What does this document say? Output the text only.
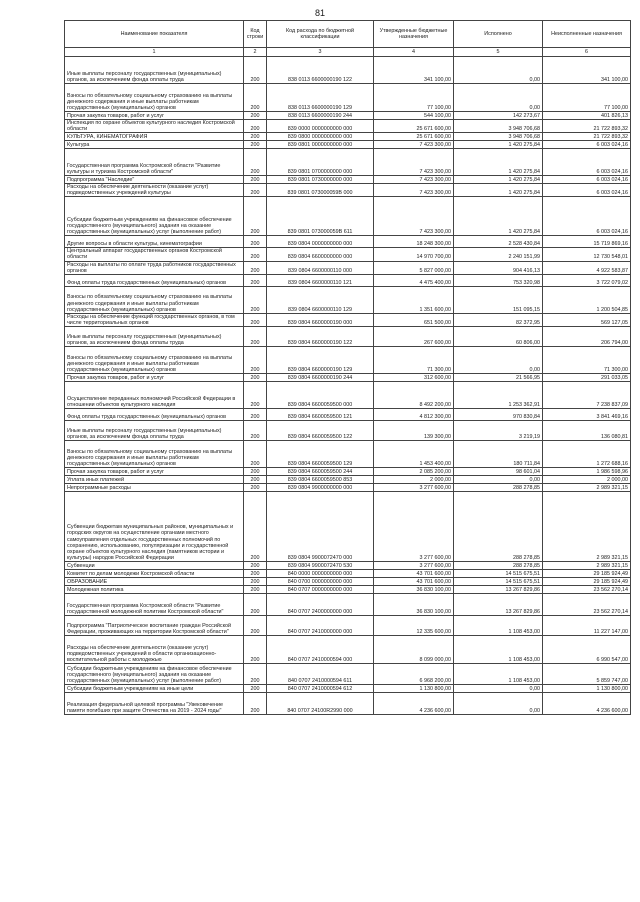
81
Наименование показателя	Код строки	Код расхода по бюджетной классификации	Утвержденные бюджетные назначения	Исполнено	Неисполненные назначения
1	2	3	4	5	6
Иные выплаты персоналу государственных (муниципальных) органов, за исключением фонда оплаты труда	200	838 0113 6600000190 122	341 100,00	0,00	341 100,00
Взносы по обязательному социальному страхованию на выплаты денежного содержания и иные выплаты работникам государственных (муниципальных) органов	200	838 0113 6600000190 129	77 100,00	0,00	77 100,00
Прочая закупка товаров, работ и услуг	200	838 0113 6600000190 244	544 100,00	142 273,67	401 826,13
Инспекция по охране объектов культурного наследия Костромской области	200	839 0000 0000000000 000	25 671 600,00	3 948 706,68	21 722 893,32
КУЛЬТУРА, КИНЕМАТОГРАФИЯ	200	839 0800 0000000000 000	25 671 600,00	3 948 706,68	21 722 893,32
Культура	200	839 0801 0000000000 000	7 423 300,00	1 420 275,84	6 003 024,16
Государственная программа Костромской области "Развитие культуры и туризма Костромской области"	200	839 0801 0700000000 000	7 423 300,00	1 420 275,84	6 003 024,16
Подпрограмма "Наследие"	200	839 0801 0730000000 000	7 423 300,00	1 420 275,84	6 003 024,16
Расходы на обеспечение деятельности (оказание услуг) подведомственных учреждений культуры	200	839 0801 073000059В 000	7 423 300,00	1 420 275,84	6 003 024,16
Субсидии бюджетным учреждениям на финансовое обеспечение государственного (муниципального) задания на оказание государственных (муниципальных) услуг (выполнение работ)	200	839 0801 073000059В 611	7 423 300,00	1 420 275,84	6 003 024,16
Другие вопросы в области культуры, кинематографии	200	839 0804 0000000000 000	18 248 300,00	2 528 430,84	15 719 869,16
Центральный аппарат государственных органов Костромской области	200	839 0804 6600000000 000	14 970 700,00	2 240 151,99	12 730 548,01
Расходы на выплаты по оплате труда работников государственных органов	200	839 0804 6600000110 000	5 827 000,00	904 416,13	4 922 583,87
Фонд оплаты труда государственных (муниципальных) органов	200	839 0804 6600000110 121	4 475 400,00	753 320,98	3 722 079,02
Взносы по обязательному социальному страхованию на выплаты денежного содержания и иные выплаты работникам государственных (муниципальных) органов	200	839 0804 6600000110 129	1 351 600,00	151 095,15	1 200 504,85
Расходы на обеспечение функций государственных органов, в том числе территориальных органов	200	839 0804 6600000190 000	651 500,00	82 372,95	569 127,05
Иные выплаты персоналу государственных (муниципальных) органов, за исключением фонда оплаты труда	200	839 0804 6600000190 122	267 600,00	60 806,00	206 794,00
Взносы по обязательному социальному страхованию на выплаты денежного содержания и иные выплаты работникам государственных (муниципальных) органов	200	839 0804 6600000190 129	71 300,00	0,00	71 300,00
Прочая закупка товаров, работ и услуг	200	839 0804 6600000190 244	312 600,00	21 566,95	291 033,05
Осуществление переданных полномочий Российской Федерации в отношении объектов культурного наследия	200	839 0804 6600059500 000	8 492 200,00	1 253 362,91	7 238 837,09
Фонд оплаты труда государственных (муниципальных) органов	200	839 0804 6600059500 121	4 812 300,00	970 830,84	3 841 469,16
Иные выплаты персоналу государственных (муниципальных) органов, за исключением фонда оплаты труда	200	839 0804 6600059500 122	139 300,00	3 219,19	136 080,81
Взносы по обязательному социальному страхованию на выплаты денежного содержания и иные выплаты работникам государственных (муниципальных) органов	200	839 0804 6600059500 129	1 453 400,00	180 711,84	1 272 688,16
Прочая закупка товаров, работ и услуг	200	839 0804 6600059500 244	2 085 200,00	98 601,04	1 986 598,96
Уплата иных платежей	200	839 0804 6600059500 853	2 000,00	0,00	2 000,00
Непрограммные расходы	200	839 0804 9900000000 000	3 277 600,00	288 278,85	2 989 321,15
Субвенции бюджетам муниципальных районов, муниципальных и городских округов на осуществление органами местного самоуправления отдельных государственных полномочий по сохранению, использованию, популяризации и государственной охране объектов культурного наследия (памятников истории и культуры) народов Российской Федерации	200	839 0804 9900072470 000	3 277 600,00	288 278,85	2 989 321,15
Субвенции	200	839 0804 9900072470 530	3 277 600,00	288 278,85	2 989 321,15
Комитет по делам молодежи Костромской области	200	840 0000 0000000000 000	43 701 600,00	14 515 675,51	29 185 924,49
ОБРАЗОВАНИЕ	200	840 0700 0000000000 000	43 701 600,00	14 515 675,51	29 185 924,49
Молодежная политика	200	840 0707 0000000000 000	36 830 100,00	13 267 829,86	23 562 270,14
Государственная программа Костромской области "Развитие государственной молодежной политики Костромской области"	200	840 0707 2400000000 000	36 830 100,00	13 267 829,86	23 562 270,14
Подпрограмма "Патриотическое воспитание граждан Российской Федерации, проживающих на территории Костромской области"	200	840 0707 2410000000 000	12 335 600,00	1 108 453,00	11 227 147,00
Расходы на обеспечение деятельности (оказание услуг) подведомственных учреждений в области организационно-воспитательной работы с молодежью	200	840 0707 2410000594 000	8 099 000,00	1 108 453,00	6 990 547,00
Субсидии бюджетным учреждениям на финансовое обеспечение государственного (муниципального) задания на оказание государственных (муниципальных) услуг (выполнение работ)	200	840 0707 2410000594 611	6 968 200,00	1 108 453,00	5 859 747,00
Субсидии бюджетным учреждениям на иные цели	200	840 0707 2410000594 612	1 130 800,00	0,00	1 130 800,00
Реализация федеральной целевой программы "Увековечение памяти погибших при защите Отечества на 2019 - 2024 годы"	200	840 0707 24100R2990 000	4 236 600,00	0,00	4 236 600,00
